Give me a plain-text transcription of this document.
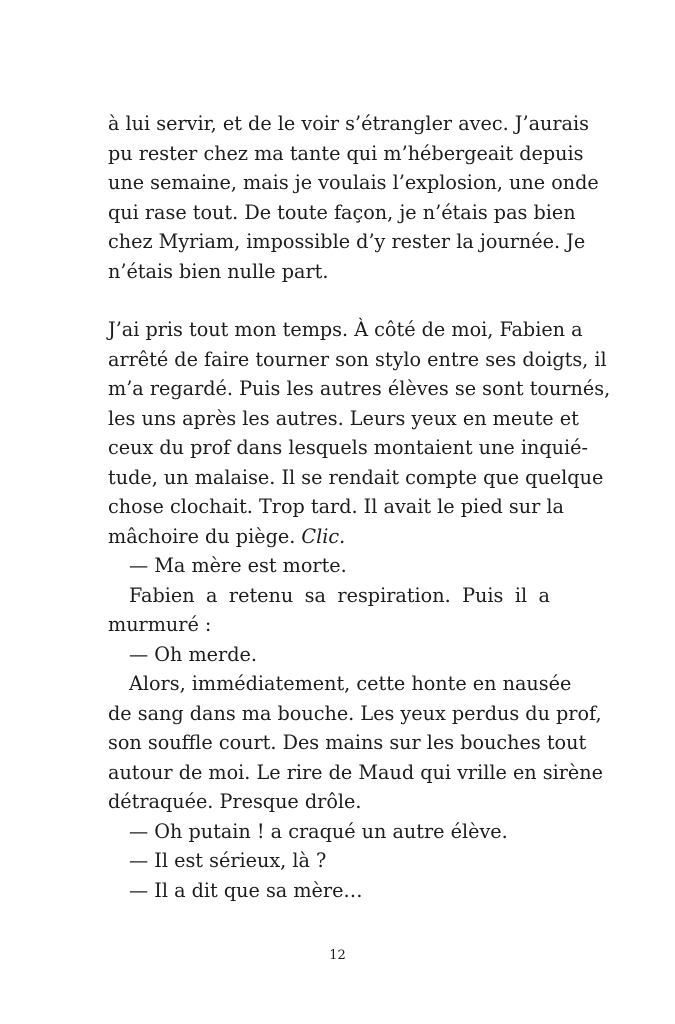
à lui servir, et de le voir s’étrangler avec. J’aurais
pu rester chez ma tante qui m’hébergeait depuis
une semaine, mais je voulais l’explosion, une onde
qui rase tout. De toute façon, je n’étais pas bien
chez Myriam, impossible d’y rester la journée. Je
n’étais bien nulle part.
J’ai pris tout mon temps. À côté de moi, Fabien a
arrêté de faire tourner son stylo entre ses doigts, il
m’a regardé. Puis les autres élèves se sont tournés,
les uns après les autres. Leurs yeux en meute et
ceux du prof dans lesquels montaient une inquié-
tude, un malaise. Il se rendait compte que quelque
chose clochait. Trop tard. Il avait le pied sur la
mâchoire du piège. Clic.
— Ma mère est morte.
Fabien a retenu sa respiration. Puis il a
murmuré :
— Oh merde.
Alors, immédiatement, cette honte en nausée
de sang dans ma bouche. Les yeux perdus du prof,
son souffle court. Des mains sur les bouches tout
autour de moi. Le rire de Maud qui vrille en sirène
détraquée. Presque drôle.
— Oh putain ! a craqué un autre élève.
— Il est sérieux, là ?
— Il a dit que sa mère…
12
